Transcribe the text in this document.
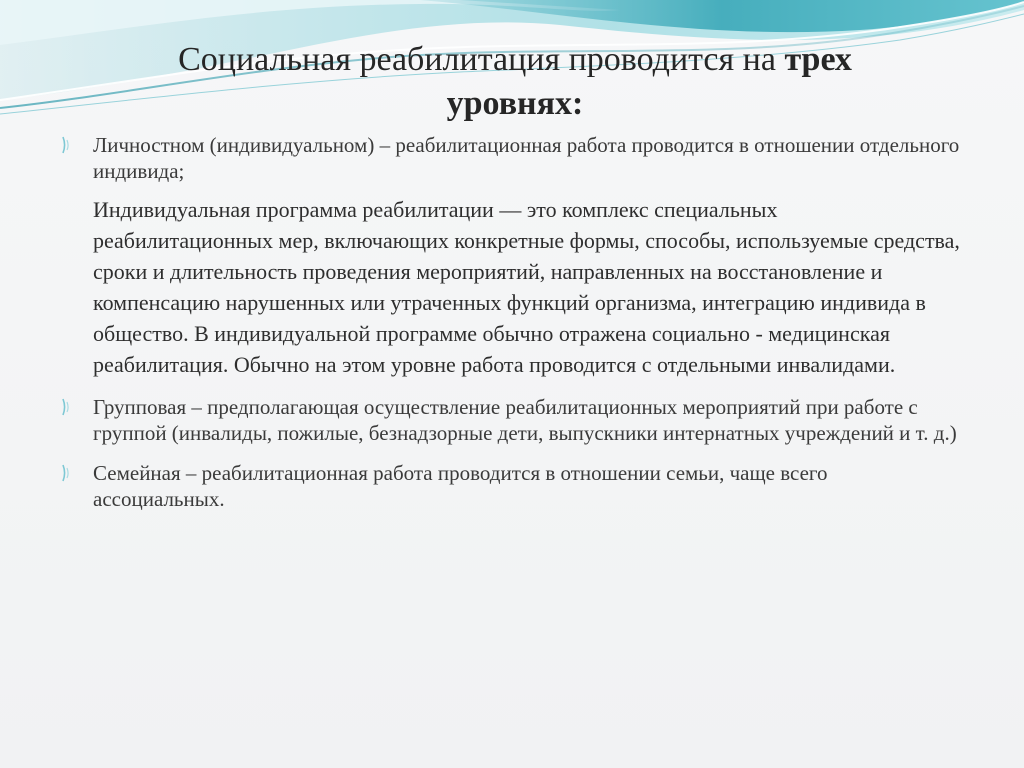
Социальная реабилитация проводится на трех
уровнях:
Личностном (индивидуальном) – реабилитационная работа проводится в отношении отдельного индивида;
Индивидуальная программа реабилитации — это комплекс специальных реабилитационных мер, включающих конкретные формы, способы, используемые средства, сроки и длительность проведения мероприятий, направленных на восстановление и компенсацию нарушенных или утраченных функций организма, интеграцию индивида в общество. В индивидуальной программе обычно отражена социально - медицинская реабилитация. Обычно на этом уровне работа проводится с отдельными инвалидами.
Групповая – предполагающая осуществление реабилитационных мероприятий при работе с группой (инвалиды, пожилые, безнадзорные дети, выпускники интернатных учреждений и т. д.)
Семейная – реабилитационная работа проводится в отношении семьи, чаще всего ассоциальных.
